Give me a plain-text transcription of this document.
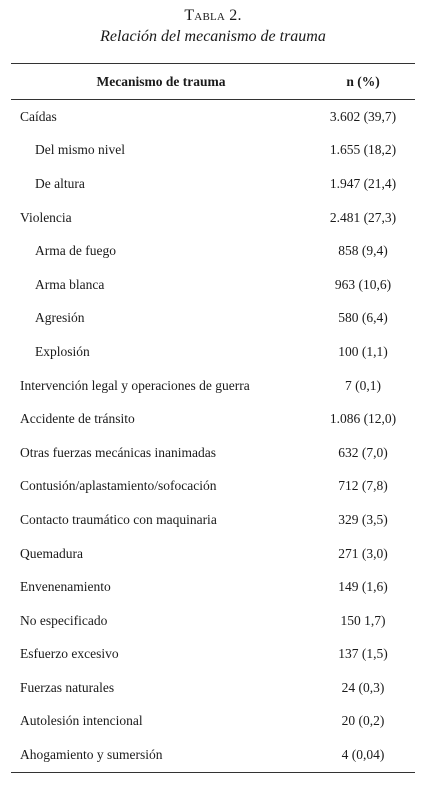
Tabla 2.
Relación del mecanismo de trauma
Mecanismo de trauma	n (%)
Caídas	3.602 (39,7)
Del mismo nivel	1.655 (18,2)
De altura	1.947 (21,4)
Violencia	2.481 (27,3)
Arma de fuego	858 (9,4)
Arma blanca	963 (10,6)
Agresión	580 (6,4)
Explosión	100 (1,1)
Intervención legal y operaciones de guerra	7 (0,1)
Accidente de tránsito	1.086 (12,0)
Otras fuerzas mecánicas inanimadas	632 (7,0)
Contusión/aplastamiento/sofocación	712 (7,8)
Contacto traumático con maquinaria	329 (3,5)
Quemadura	271 (3,0)
Envenenamiento	149 (1,6)
No especificado	150 1,7)
Esfuerzo excesivo	137 (1,5)
Fuerzas naturales	24 (0,3)
Autolesión intencional	20 (0,2)
Ahogamiento y sumersión	4 (0,04)
